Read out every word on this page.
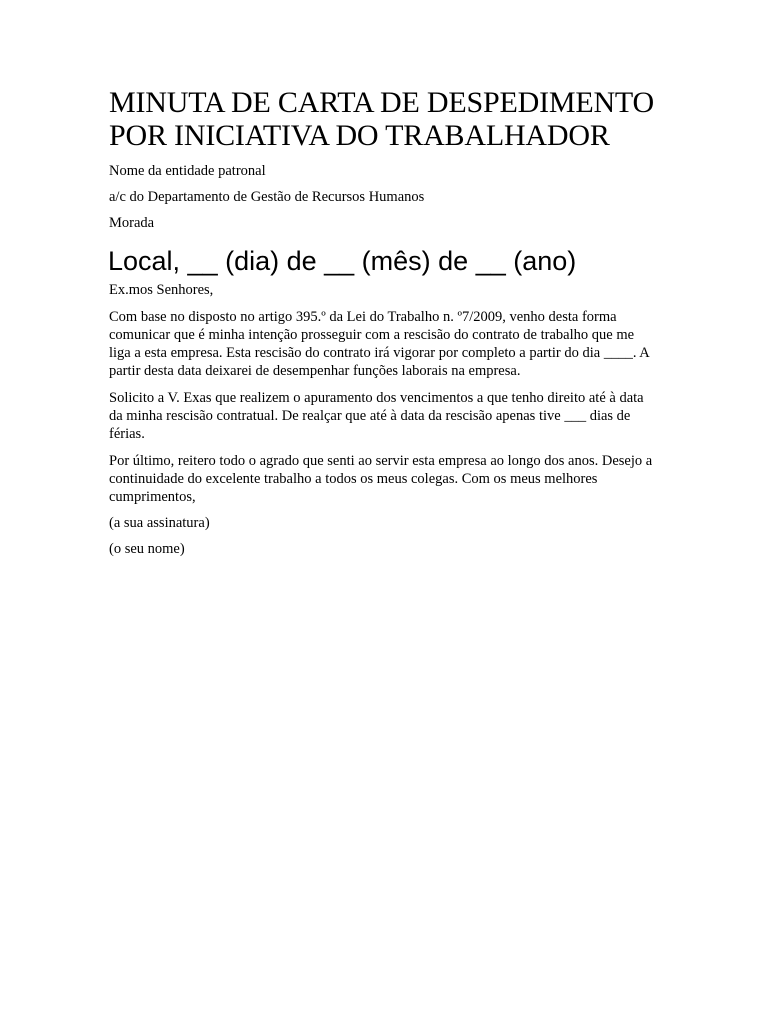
MINUTA DE CARTA DE DESPEDIMENTO POR INICIATIVA DO TRABALHADOR

Nome da entidade patronal

a/c do Departamento de Gestão de Recursos Humanos

Morada

Local, __ (dia) de __ (mês) de __ (ano)

Ex.mos Senhores,

Com base no disposto no artigo 395.º da Lei do Trabalho n. º7/2009, venho desta forma comunicar que é minha intenção prosseguir com a rescisão do contrato de trabalho que me liga a esta empresa. Esta rescisão do contrato irá vigorar por completo a partir do dia ____. A partir desta data deixarei de desempenhar funções laborais na empresa.

Solicito a V. Exas que realizem o apuramento dos vencimentos a que tenho direito até à data da minha rescisão contratual. De realçar que até à data da rescisão apenas tive ___ dias de férias.

Por último, reitero todo o agrado que senti ao servir esta empresa ao longo dos anos. Desejo a continuidade do excelente trabalho a todos os meus colegas. Com os meus melhores cumprimentos,

(a sua assinatura)

(o seu nome)
